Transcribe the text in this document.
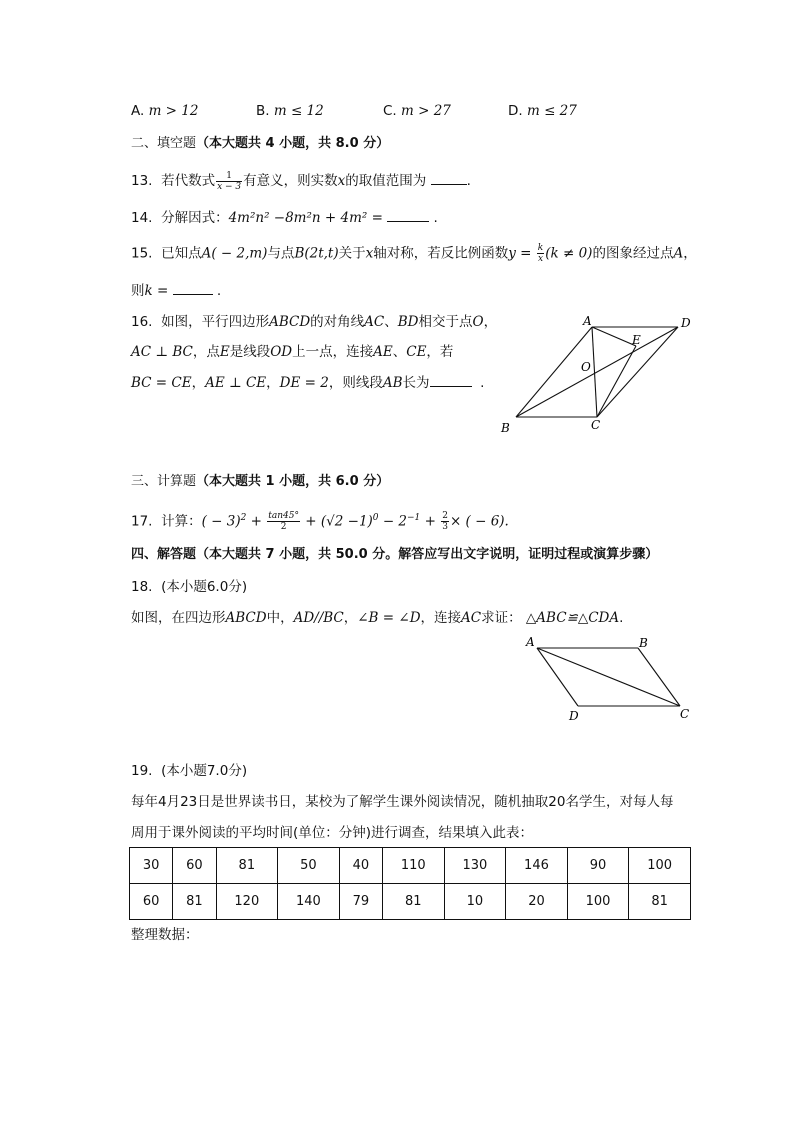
A. m > 12	B. m ≤ 12	C. m > 27	D. m ≤ 27
二、填空题（本大题共 4 小题，共 8.0 分）
13. 若代数式 $\frac{1}{x - 3}$ 有意义，则实数x的取值范围为	.
14. 分解因式：4m²n² −8m²n + 4m² =	.
15. 已知点A( − 2,m)与点B(2t,t)关于x轴对称，若反比例函数$y = \frac{k}{x} (k \ne 0)$的图象经过点A，
则k =	.
16. 如图，平行四边形ABCD的对角线AC、BD相交于点O，
AC ⊥ BC，点E是线段OD上一点，连接AE、CE，若
BC = CE，AE ⊥ CE，DE = 2，则线段AB长为	.
A	D
E
O
B	C
三、计算题（本大题共 1 小题，共 6.0 分）
17. 计算：( − $3)^2 + \frac{\tan 45^\circ}{2} + (√2 -1)^0 - 2^{-1} + \frac{2}{3}$ × ( − 6).
四、解答题（本大题共 7 小题，共 50.0 分。解答应写出文字说明，证明过程或演算步骤）
18. (本小题6.0分)
如图，在四边形ABCD中，AD//BC，∠B = ∠D，连接AC求证： △ABC≌△CDA.
A	B
D	C
19. (本小题7.0分)
每年4月23日是世界读书日，某校为了解学生课外阅读情况，随机抽取20名学生，对每人每
周用于课外阅读的平均时间(单位：分钟)进行调查，结果填入此表：
30	60	81	50	40	110	130	146	90	100
60	81	120	140	79	81	10	20	100	81
整理数据：
